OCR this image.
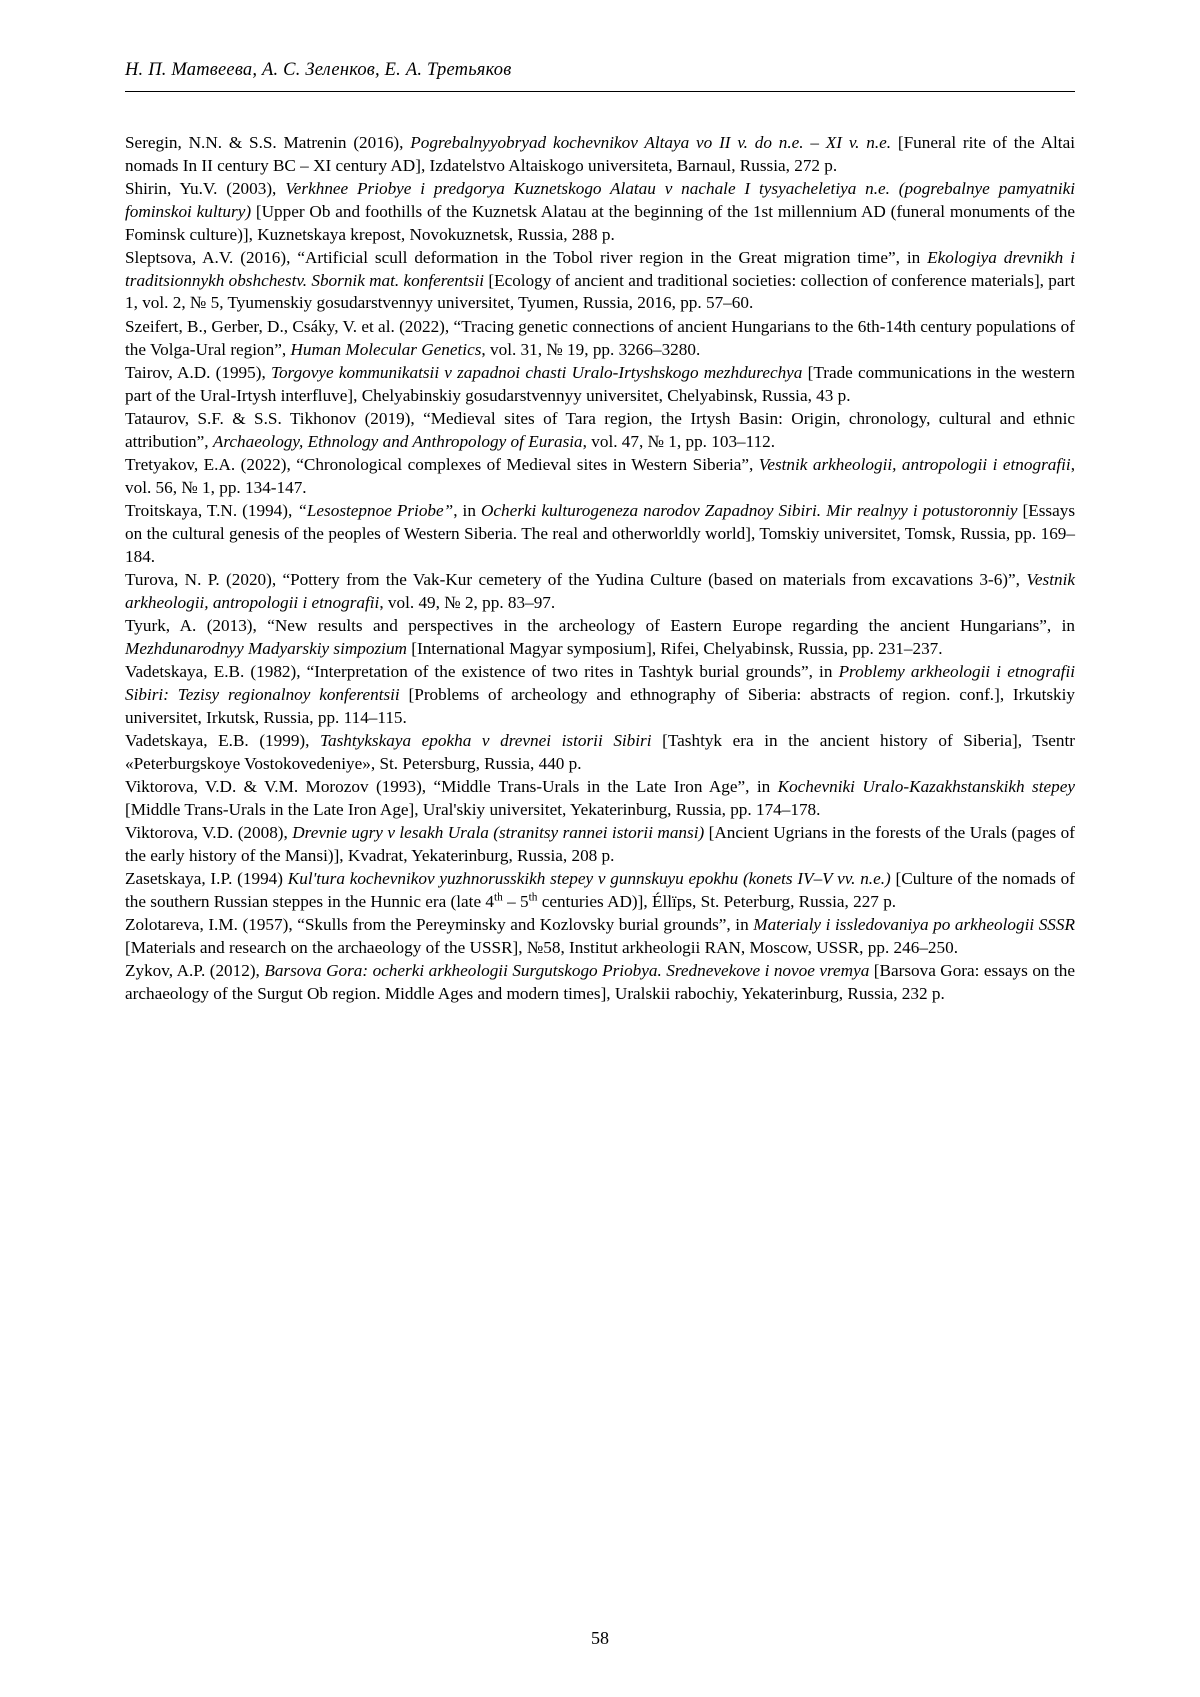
Н. П. Матвеева, А. С. Зеленков, Е. А. Третьяков

Seregin, N.N. & S.S. Matrenin (2016), Pogrebalnyyobryad kochevnikov Altaya vo II v. do n.e. – XI v. n.e. [Funeral rite of the Altai nomads In II century BC – XI century AD], Izdatelstvo Altaiskogo universiteta, Barnaul, Russia, 272 p.

Shirin, Yu.V. (2003), Verkhnee Priobye i predgorya Kuznetskogo Alatau v nachale I tysyacheletiya n.e. (pogrebalnye pamyatniki fominskoi kultury) [Upper Ob and foothills of the Kuznetsk Alatau at the beginning of the 1st millennium AD (funeral monuments of the Fominsk culture)], Kuznetskaya krepost, Novokuznetsk, Russia, 288 p.

Sleptsova, A.V. (2016), “Artificial scull deformation in the Tobol river region in the Great migration time”, in Ekologiya drevnikh i traditsionnykh obshchestv. Sbornik mat. konferentsii [Ecology of ancient and traditional societies: collection of conference materials], part 1, vol. 2, № 5, Tyumenskiy gosudarstvennyy universitet, Tyumen, Russia, 2016, pp. 57–60.

Szeifert, B., Gerber, D., Csáky, V. et al. (2022), “Tracing genetic connections of ancient Hungarians to the 6th-14th century populations of the Volga-Ural region”, Human Molecular Genetics, vol. 31, № 19, pp. 3266–3280.

Tairov, A.D. (1995), Torgovye kommunikatsii v zapadnoi chasti Uralo-Irtyshskogo mezhdurechya [Trade communications in the western part of the Ural-Irtysh interfluve], Chelyabinskiy gosudarstvennyy universitet, Chelyabinsk, Russia, 43 p.

Tataurov, S.F. & S.S. Tikhonov (2019), “Medieval sites of Tara region, the Irtysh Basin: Origin, chronology, cultural and ethnic attribution”, Archaeology, Ethnology and Anthropology of Eurasia, vol. 47, № 1, pp. 103–112.

Tretyakov, E.A. (2022), “Chronological complexes of Medieval sites in Western Siberia”, Vestnik arkheologii, antropologii i etnografii, vol. 56, № 1, pp. 134-147.

Troitskaya, T.N. (1994), “Lesostepnoe Priobe”, in Ocherki kulturogeneza narodov Zapadnoy Sibiri. Mir realnyy i potustoronniy [Essays on the cultural genesis of the peoples of Western Siberia. The real and otherworldly world], Tomskiy universitet, Tomsk, Russia, pp. 169–184.

Turova, N. P. (2020), “Pottery from the Vak-Kur cemetery of the Yudina Culture (based on materials from excavations 3-6)”, Vestnik arkheologii, antropologii i etnografii, vol. 49, № 2, pp. 83–97.

Tyurk, A. (2013), “New results and perspectives in the archeology of Eastern Europe regarding the ancient Hungarians”, in Mezhdunarodnyy Madyarskiy simpozium [International Magyar symposium], Rifei, Chelyabinsk, Russia, pp. 231–237.

Vadetskaya, E.B. (1982), “Interpretation of the existence of two rites in Tashtyk burial grounds”, in Problemy arkheologii i etnografii Sibiri: Tezisy regionalnoy konferentsii [Problems of archeology and ethnography of Siberia: abstracts of region. conf.], Irkutskiy universitet, Irkutsk, Russia, pp. 114–115.

Vadetskaya, E.B. (1999), Tashtykskaya epokha v drevnei istorii Sibiri [Tashtyk era in the ancient history of Siberia], Tsentr «Peterburgskoye Vostokovedeniye», St. Petersburg, Russia, 440 p.

Viktorova, V.D. & V.M. Morozov (1993), “Middle Trans-Urals in the Late Iron Age”, in Kochevniki Uralo-Kazakhstanskikh stepey [Middle Trans-Urals in the Late Iron Age], Ural'skiy universitet, Yekaterinburg, Russia, pp. 174–178.

Viktorova, V.D. (2008), Drevnie ugry v lesakh Urala (stranitsy rannei istorii mansi) [Ancient Ugrians in the forests of the Urals (pages of the early history of the Mansi)], Kvadrat, Yekaterinburg, Russia, 208 p.

Zasetskaya, I.P. (1994) Kul'tura kochevnikov yuzhnorusskikh stepey v gunnskuyu epokhu (konets IV–V vv. n.e.) [Culture of the nomads of the southern Russian steppes in the Hunnic era (late 4th – 5th centuries AD)], Éllïps, St. Peterburg, Russia, 227 p.

Zolotareva, I.M. (1957), “Skulls from the Pereyminsky and Kozlovsky burial grounds”, in Materialy i issledovaniya po arkheologii SSSR [Materials and research on the archaeology of the USSR], №58, Institut arkheologii RAN, Moscow, USSR, pp. 246–250.

Zykov, A.P. (2012), Barsova Gora: ocherki arkheologii Surgutskogo Priobya. Srednevekove i novoe vremya [Barsova Gora: essays on the archaeology of the Surgut Ob region. Middle Ages and modern times], Uralskii rabochiy, Yekaterinburg, Russia, 232 p.

58
